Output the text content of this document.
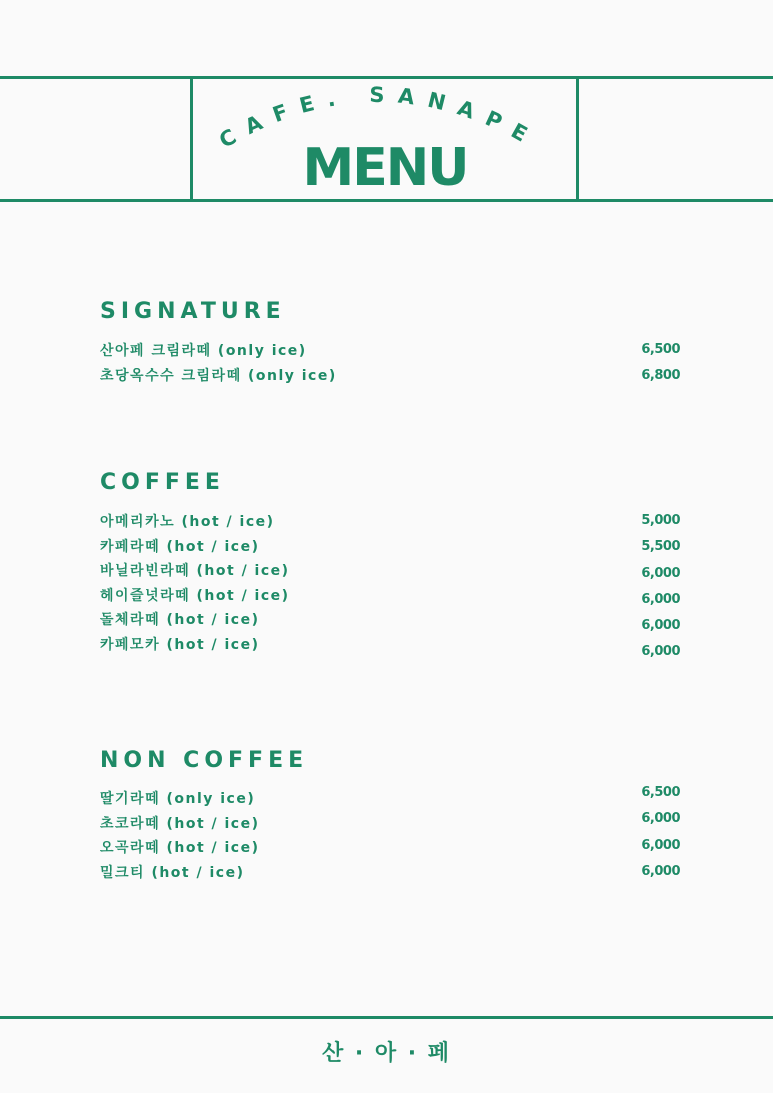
CAFE. SANAPE
MENU
SIGNATURE
산아페 크림라떼 (only ice)
초당옥수수 크림라떼 (only ice)
6,500
6,800
COFFEE
아메리카노 (hot / ice)
카페라떼 (hot / ice)
바닐라빈라떼 (hot / ice)
헤이즐넛라떼 (hot / ice)
돌체라떼 (hot / ice)
카페모카 (hot / ice)
5,000
5,500
6,000
6,000
6,000
6,000
NON COFFEE
딸기라떼 (only ice)
초코라떼 (hot / ice)
오곡라떼 (hot / ice)
밀크티 (hot / ice)
6,500
6,000
6,000
6,000
산 · 아 · 페
